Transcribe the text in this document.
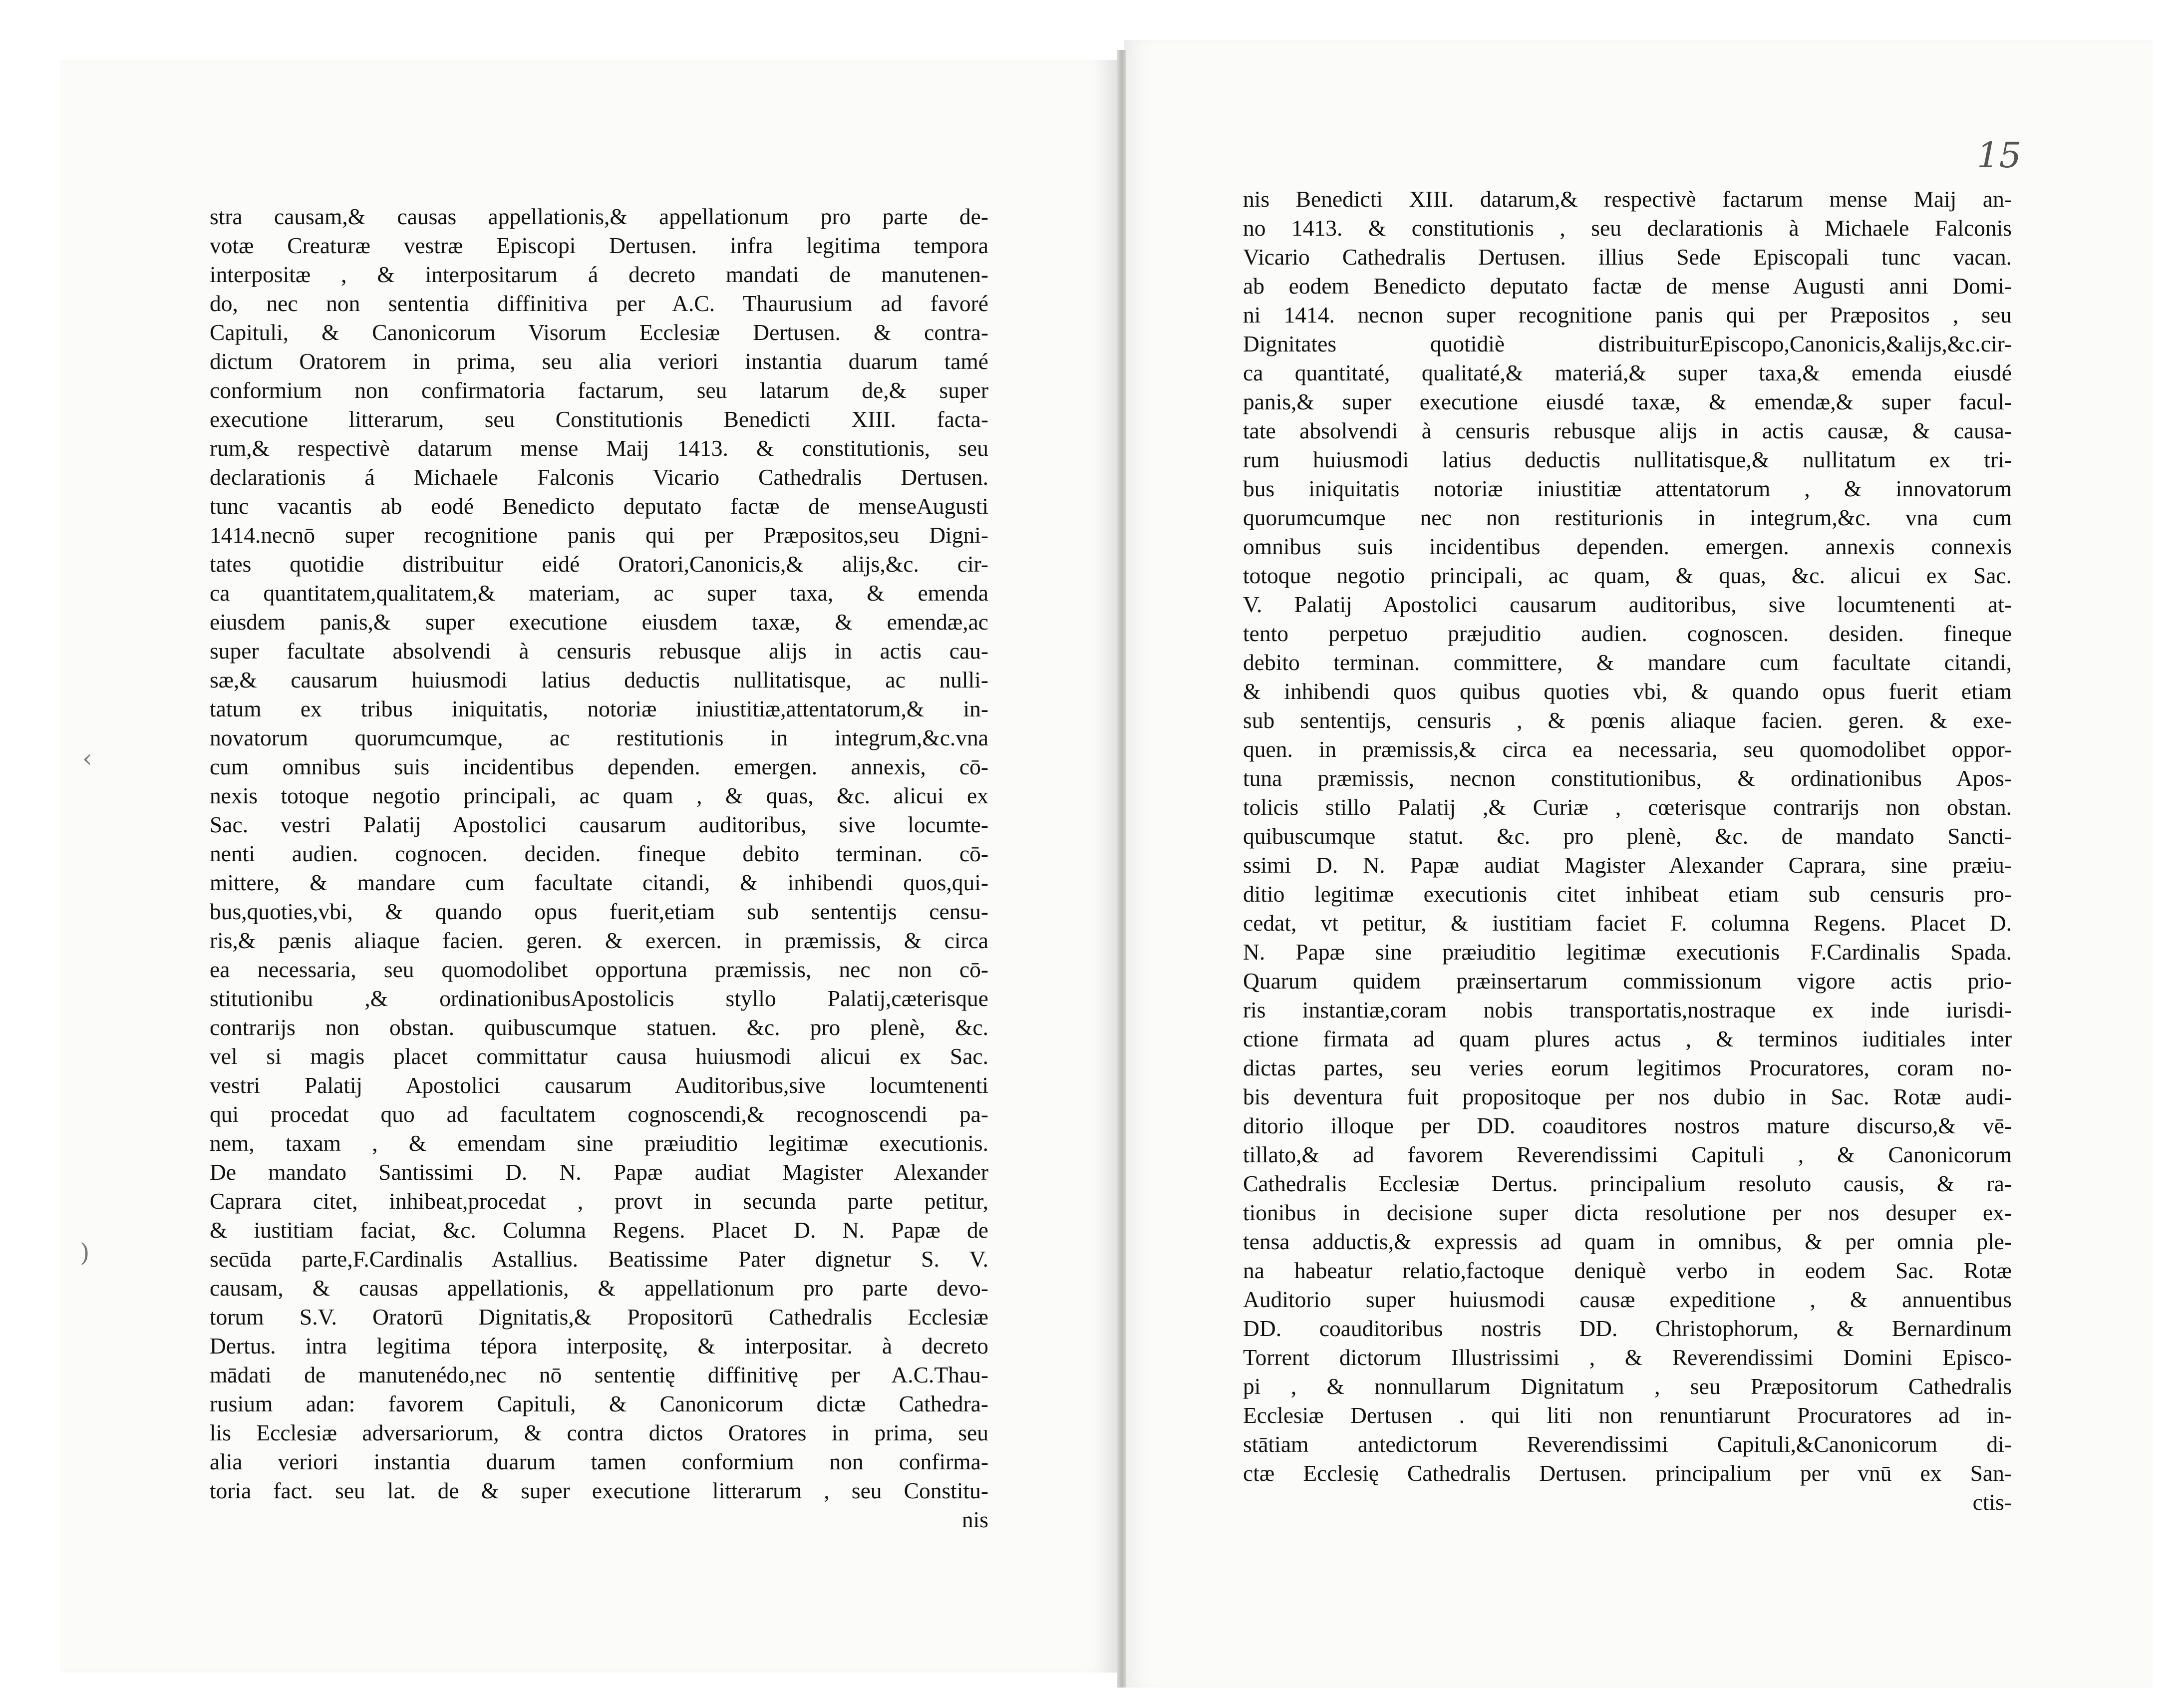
15
‹
)
stra causam,& causas appellationis,& appellationum pro parte de-
votæ Creaturæ vestræ Episcopi Dertusen. infra legitima tempora
interpositæ , & interpositarum á decreto mandati de manutenen-
do, nec non sententia diffinitiva per A.C. Thaurusium ad favoré
Capituli, & Canonicorum Visorum Ecclesiæ Dertusen. & contra-
dictum Oratorem in prima, seu alia veriori instantia duarum tamé
conformium non confirmatoria factarum, seu latarum de,& super
executione litterarum, seu Constitutionis Benedicti XIII. facta-
rum,& respectivè datarum mense Maij 1413. & constitutionis, seu
declarationis á Michaele Falconis Vicario Cathedralis Dertusen.
tunc vacantis ab eodé Benedicto deputato factæ de menseAugusti
1414.necnō super recognitione panis qui per Præpositos,seu Digni-
tates quotidie distribuitur eidé Oratori,Canonicis,& alijs,&c. cir-
ca quantitatem,qualitatem,& materiam, ac super taxa, & emenda
eiusdem panis,& super executione eiusdem taxæ, & emendæ,ac
super facultate absolvendi à censuris rebusque alijs in actis cau-
sæ,& causarum huiusmodi latius deductis nullitatisque, ac nulli-
tatum ex tribus iniquitatis, notoriæ iniustitiæ,attentatorum,& in-
novatorum quorumcumque, ac restitutionis in integrum,&c.vna
cum omnibus suis incidentibus dependen. emergen. annexis, cō-
nexis totoque negotio principali, ac quam , & quas, &c. alicui ex
Sac. vestri Palatij Apostolici causarum auditoribus, sive locumte-
nenti audien. cognocen. deciden. fineque debito terminan. cō-
mittere, & mandare cum facultate citandi, & inhibendi quos,qui-
bus,quoties,vbi, & quando opus fuerit,etiam sub sententijs censu-
ris,& pænis aliaque facien. geren. & exercen. in præmissis, & circa
ea necessaria, seu quomodolibet opportuna præmissis, nec non cō-
stitutionibu ,& ordinationibusApostolicis styllo Palatij,cæterisque
contrarijs non obstan. quibuscumque statuen. &c. pro plenè, &c.
vel si magis placet committatur causa huiusmodi alicui ex Sac.
vestri Palatij Apostolici causarum Auditoribus,sive locumtenenti
qui procedat quo ad facultatem cognoscendi,& recognoscendi pa-
nem, taxam , & emendam sine præiuditio legitimæ executionis.
De mandato Santissimi D. N. Papæ audiat Magister Alexander
Caprara citet, inhibeat,procedat , provt in secunda parte petitur,
& iustitiam faciat, &c. Columna Regens. Placet D. N. Papæ de
secūda parte,F.Cardinalis Astallius. Beatissime Pater dignetur S. V.
causam, & causas appellationis, & appellationum pro parte devo-
torum S.V. Oratorū Dignitatis,& Propositorū Cathedralis Ecclesiæ
Dertus. intra legitima tépora interpositę, & interpositar. à decreto
mādati de manutenédo,nec nō sententię diffinitivę per A.C.Thau-
rusium adan: favorem Capituli, & Canonicorum dictæ Cathedra-
lis Ecclesiæ adversariorum, & contra dictos Oratores in prima, seu
alia veriori instantia duarum tamen conformium non confirma-
toria fact. seu lat. de & super executione litterarum , seu Constitu-
nis
nis Benedicti XIII. datarum,& respectivè factarum mense Maij an-
no 1413. & constitutionis , seu declarationis à Michaele Falconis
Vicario Cathedralis Dertusen. illius Sede Episcopali tunc vacan.
ab eodem Benedicto deputato factæ de mense Augusti anni Domi-
ni 1414. necnon super recognitione panis qui per Præpositos , seu
Dignitates quotidiè distribuiturEpiscopo,Canonicis,&alijs,&c.cir-
ca quantitaté, qualitaté,& materiá,& super taxa,& emenda eiusdé
panis,& super executione eiusdé taxæ, & emendæ,& super facul-
tate absolvendi à censuris rebusque alijs in actis causæ, & causa-
rum huiusmodi latius deductis nullitatisque,& nullitatum ex tri-
bus iniquitatis notoriæ iniustitiæ attentatorum , & innovatorum
quorumcumque nec non restiturionis in integrum,&c. vna cum
omnibus suis incidentibus dependen. emergen. annexis connexis
totoque negotio principali, ac quam, & quas, &c. alicui ex Sac.
V. Palatij Apostolici causarum auditoribus, sive locumtenenti at-
tento perpetuo præjuditio audien. cognoscen. desiden. fineque
debito terminan. committere, & mandare cum facultate citandi,
& inhibendi quos quibus quoties vbi, & quando opus fuerit etiam
sub sententijs, censuris , & pœnis aliaque facien. geren. & exe-
quen. in præmissis,& circa ea necessaria, seu quomodolibet oppor-
tuna præmissis, necnon constitutionibus, & ordinationibus Apos-
tolicis stillo Palatij ,& Curiæ , cœterisque contrarijs non obstan.
quibuscumque statut. &c. pro plenè, &c. de mandato Sancti-
ssimi D. N. Papæ audiat Magister Alexander Caprara, sine præiu-
ditio legitimæ executionis citet inhibeat etiam sub censuris pro-
cedat, vt petitur, & iustitiam faciet F. columna Regens. Placet D.
N. Papæ sine præiuditio legitimæ executionis F.Cardinalis Spada.
Quarum quidem præinsertarum commissionum vigore actis prio-
ris instantiæ,coram nobis transportatis,nostraque ex inde iurisdi-
ctione firmata ad quam plures actus , & terminos iuditiales inter
dictas partes, seu veries eorum legitimos Procuratores, coram no-
bis deventura fuit propositoque per nos dubio in Sac. Rotæ audi-
ditorio illoque per DD. coauditores nostros mature discurso,& vē-
tillato,& ad favorem Reverendissimi Capituli , & Canonicorum
Cathedralis Ecclesiæ Dertus. principalium resoluto causis, & ra-
tionibus in decisione super dicta resolutione per nos desuper ex-
tensa adductis,& expressis ad quam in omnibus, & per omnia ple-
na habeatur relatio,factoque deniquè verbo in eodem Sac. Rotæ
Auditorio super huiusmodi causæ expeditione , & annuentibus
DD. coauditoribus nostris DD. Christophorum, & Bernardinum
Torrent dictorum Illustrissimi , & Reverendissimi Domini Episco-
pi , & nonnullarum Dignitatum , seu Præpositorum Cathedralis
Ecclesiæ Dertusen . qui liti non renuntiarunt Procuratores ad in-
stātiam antedictorum Reverendissimi Capituli,&Canonicorum di-
ctæ Ecclesię Cathedralis Dertusen. principalium per vnū ex San-
ctis-
